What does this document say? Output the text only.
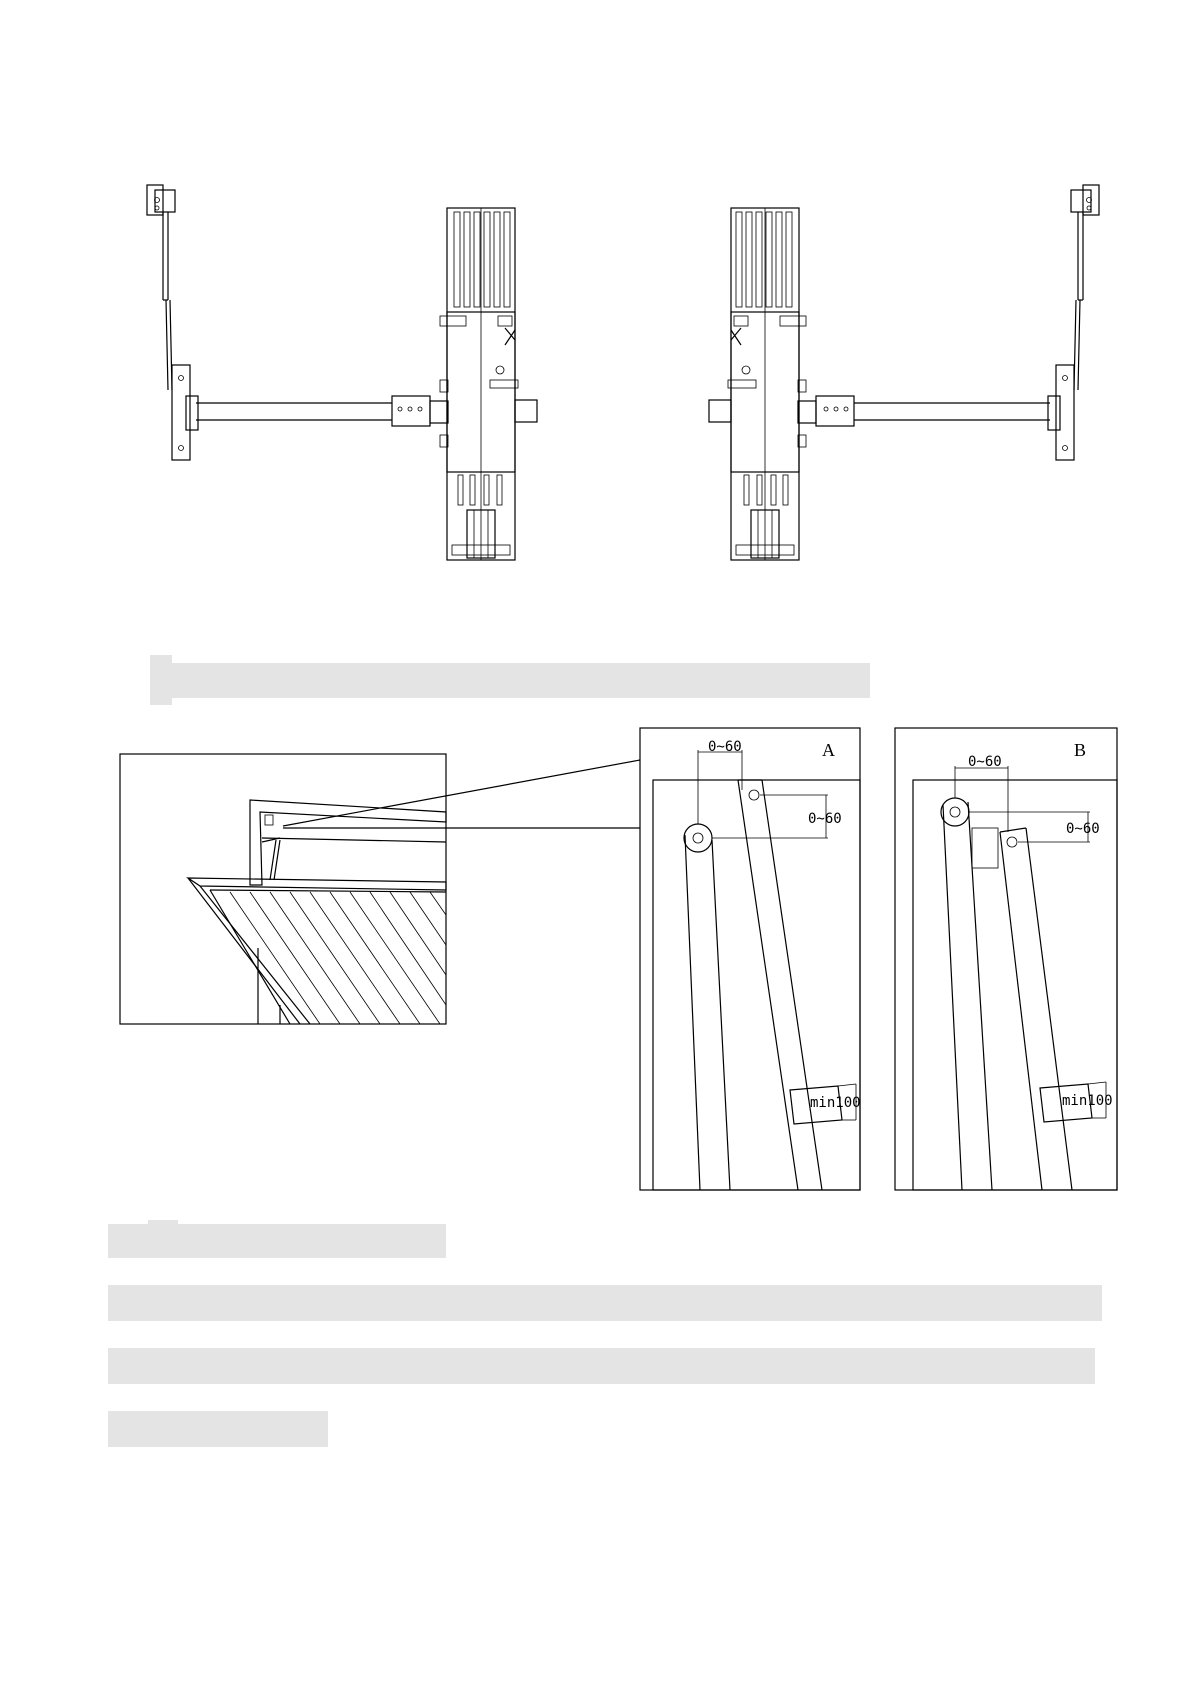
A
0~60
0~60
min100
B
0~60
0~60
min100
